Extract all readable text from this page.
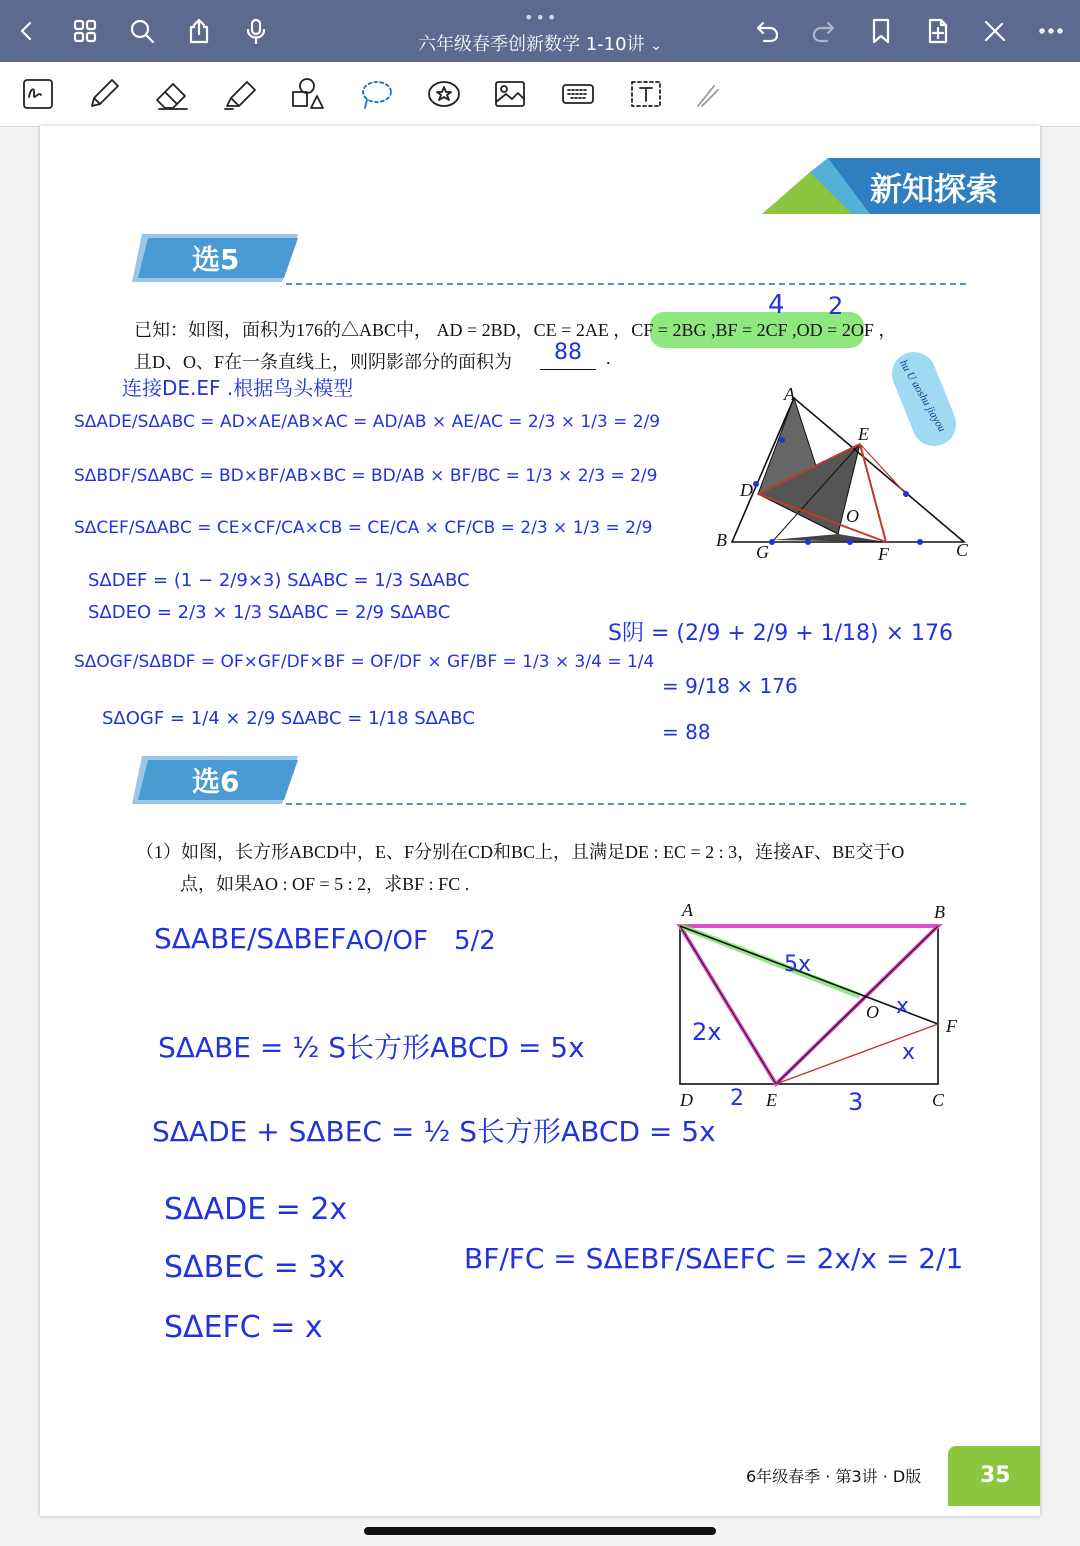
•••
六年级春季创新数学 1-10讲 ⌄
新知探索
选5
已知：如图，面积为176的△ABC中， AD = 2BD，CE = 2AE ，CF = 2BG ,BF = 2CF ,OD = 2OF ，
且D、O、F在一条直线上，则阴影部分的面积为 88 .
4 2
连接DE.EF .根据鸟头模型
SΔADE/SΔABC = AD×AE/AB×AC = AD/AB × AE/AC = 2/3 × 1/3 = 2/9
SΔBDF/SΔABC = BD×BF/AB×BC = BD/AB × BF/BC = 1/3 × 2/3 = 2/9
SΔCEF/SΔABC = CE×CF/CA×CB = CE/CA × CF/CB = 2/3 × 1/3 = 2/9
SΔDEF = (1 − 2/9×3) SΔABC = 1/3 SΔABC
SΔDEO = 2/3 × 1/3 SΔABC = 2/9 SΔABC
SΔOGF/SΔBDF = OF×GF/DF×BF = OF/DF × GF/BF = 1/3 × 3/4 = 1/4
SΔOGF = 1/4 × 2/9 SΔABC = 1/18 SΔABC
S阴 = (2/9 + 2/9 + 1/18) × 176
= 9/18 × 176
= 88
A
B	C
D
E
F
G
O
hu U aoshu jiayou
选6
（1）如图，长方形ABCD中，E、F分别在CD和BC上，且满足DE : EC = 2 : 3，连接AF、BE交于O
点，如果AO : OF = 5 : 2，求BF : FC .
SΔABE/SΔBEF AO/OF 5/2
SΔABE = ½ S长方形ABCD = 5x
SΔADE + SΔBEC = ½ S长方形ABCD = 5x
SΔADE = 2x
SΔBEC = 3x
SΔEFC = x
BF/FC = SΔEBF/SΔEFC = 2x/x = 2/1
A	B
C
D	E
F
O
5x
2x
x
x
2	3
6年级春季 · 第3讲 · D版	35
